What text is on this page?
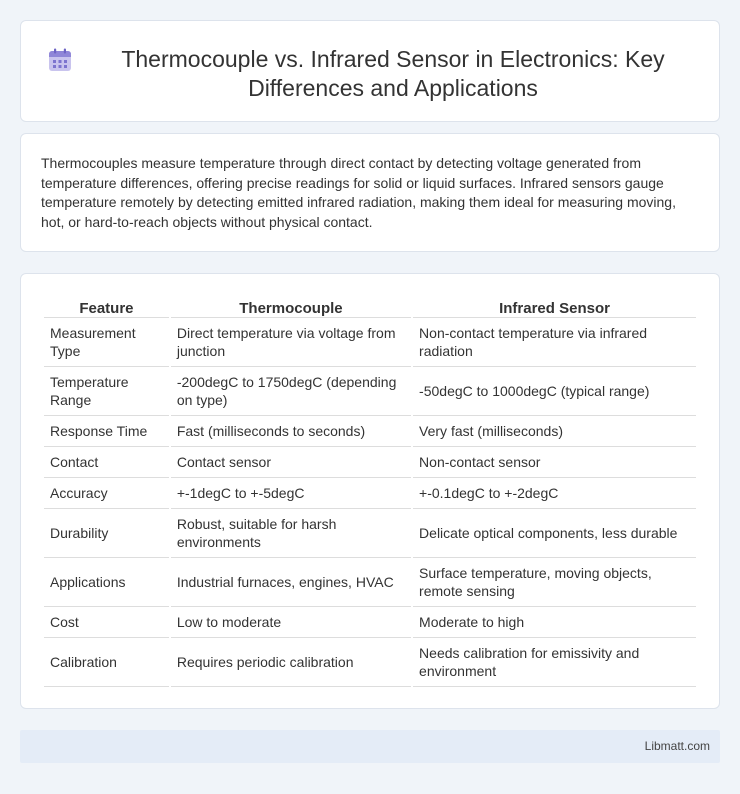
Thermocouple vs. Infrared Sensor in Electronics: Key Differences and Applications

Thermocouples measure temperature through direct contact by detecting voltage generated from temperature differences, offering precise readings for solid or liquid surfaces. Infrared sensors gauge temperature remotely by detecting emitted infrared radiation, making them ideal for measuring moving, hot, or hard-to-reach objects without physical contact.

Feature	Thermocouple	Infrared Sensor
Measurement Type	Direct temperature via voltage from junction	Non-contact temperature via infrared radiation
Temperature Range	-200degC to 1750degC (depending on type)	-50degC to 1000degC (typical range)
Response Time	Fast (milliseconds to seconds)	Very fast (milliseconds)
Contact	Contact sensor	Non-contact sensor
Accuracy	+-1degC to +-5degC	+-0.1degC to +-2degC
Durability	Robust, suitable for harsh environments	Delicate optical components, less durable
Applications	Industrial furnaces, engines, HVAC	Surface temperature, moving objects, remote sensing
Cost	Low to moderate	Moderate to high
Calibration	Requires periodic calibration	Needs calibration for emissivity and environment
Libmatt.com
